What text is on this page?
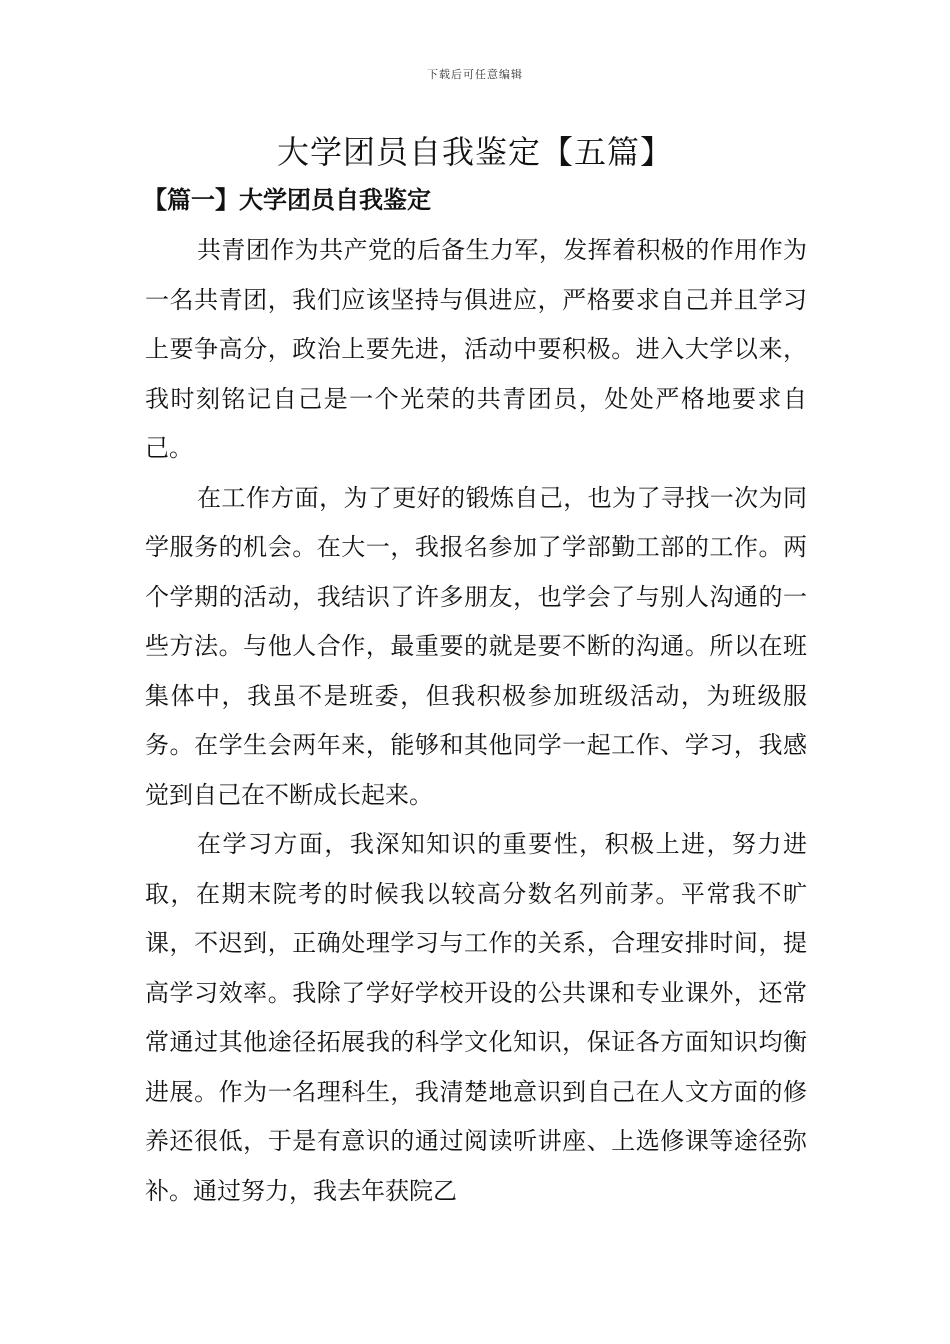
下载后可任意编辑
大学团员自我鉴定【五篇】
【篇一】大学团员自我鉴定

共青团作为共产党的后备生力军，发挥着积极的作用作为一名共青团，我们应该坚持与俱进应，严格要求自己并且学习上要争高分，政治上要先进，活动中要积极。进入大学以来，我时刻铭记自己是一个光荣的共青团员，处处严格地要求自己。

在工作方面，为了更好的锻炼自己，也为了寻找一次为同学服务的机会。在大一，我报名参加了学部勤工部的工作。两个学期的活动，我结识了许多朋友，也学会了与别人沟通的一些方法。与他人合作，最重要的就是要不断的沟通。所以在班集体中，我虽不是班委，但我积极参加班级活动，为班级服务。在学生会两年来，能够和其他同学一起工作、学习，我感觉到自己在不断成长起来。

在学习方面，我深知知识的重要性，积极上进，努力进取，在期末院考的时候我以较高分数名列前茅。平常我不旷课，不迟到，正确处理学习与工作的关系，合理安排时间，提高学习效率。我除了学好学校开设的公共课和专业课外，还常常通过其他途径拓展我的科学文化知识，保证各方面知识均衡进展。作为一名理科生，我清楚地意识到自己在人文方面的修养还很低，于是有意识的通过阅读听讲座、上选修课等途径弥补。通过努力，我去年获院乙
